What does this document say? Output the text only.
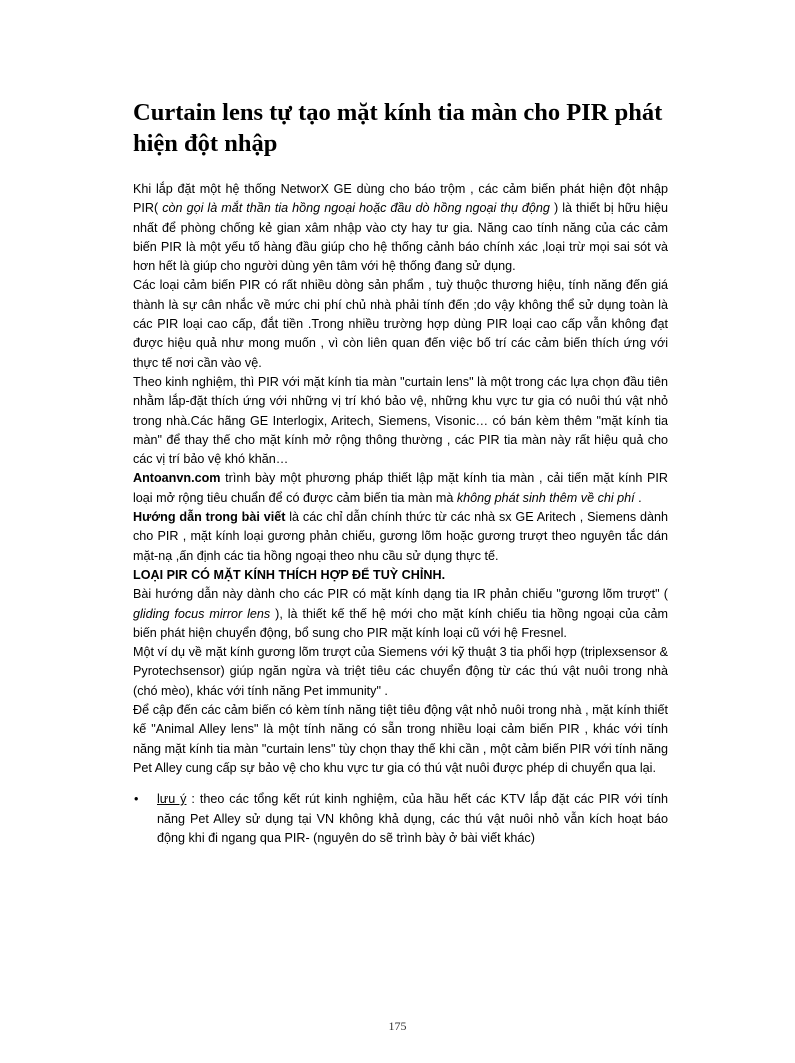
Curtain lens tự tạo mặt kính tia màn cho PIR phát hiện đột nhập

Khi lắp đặt một hệ thống NetworX GE dùng cho báo trộm , các cảm biến phát hiện đột nhập PIR( còn gọi là mắt thần tia hồng ngoại hoặc đầu dò hồng ngoại thụ động ) là thiết bị hữu hiệu nhất để phòng chống kẻ gian xâm nhập vào cty hay tư gia. Năng cao tính năng của các cảm biến PIR là một yếu tố hàng đầu giúp cho hệ thống cảnh báo chính xác ,loại trừ mọi sai sót và hơn hết là giúp cho người dùng yên tâm với hệ thống đang sử dụng.

Các loại cảm biến PIR có rất nhiều dòng sản phẩm , tuỳ thuộc thương hiệu, tính năng đến giá thành là sự cân nhắc về mức chi phí chủ nhà phải tính đến ;do vậy không thể sử dụng toàn là các PIR loại cao cấp, đắt tiền .Trong nhiều trường hợp dùng PIR loại cao cấp vẫn không đạt được hiệu quả như mong muốn , vì còn liên quan đến việc bố trí các cảm biến thích ứng với thực tế nơi cần vào vệ.

Theo kinh nghiệm, thì PIR với mặt kính tia màn "curtain lens" là một trong các lựa chọn đầu tiên nhằm lắp-đặt thích ứng với những vị trí khó bảo vệ, những khu vực tư gia có nuôi thú vật nhỏ trong nhà.Các hãng GE Interlogix, Aritech, Siemens, Visonic… có bán kèm thêm "mặt kính tia màn" để thay thế cho mặt kính mở rộng thông thường , các PIR tia màn này rất hiệu quả cho các vị trí bảo vệ khó khăn…

Antoanvn.com trình bày một phương pháp thiết lập mặt kính tia màn , cải tiến mặt kính PIR loại mở rộng tiêu chuẩn để có được cảm biến tia màn mà không phát sinh thêm về chi phí .

Hướng dẫn trong bài viết là các chỉ dẫn chính thức từ các nhà sx GE Aritech , Siemens dành cho PIR , mặt kính loại gương phản chiếu, gương lõm hoặc gương trượt theo nguyên tắc dán mặt-nạ ,ấn định các tia hồng ngoại theo nhu cầu sử dụng thực tế.

LOẠI PIR CÓ MẶT KÍNH THÍCH HỢP ĐỂ TUỲ CHỈNH.

Bài hướng dẫn này dành cho các PIR có mặt kính dạng tia IR phản chiếu "gương lõm trượt" ( gliding focus mirror lens ), là thiết kế thế hệ mới cho mặt kính chiếu tia hồng ngoại của cảm biến phát hiện chuyển động, bổ sung cho PIR mặt kính loại cũ với hệ Fresnel.

Một ví dụ về mặt kính gương lõm trượt của Siemens với kỹ thuật 3 tia phối hợp (triplexsensor & Pyrotechsensor) giúp ngăn ngừa và triệt tiêu các chuyển động từ các thú vật nuôi trong nhà (chó mèo), khác với tính năng Pet immunity" .

Để cập đến các cảm biến có kèm tính năng tiệt tiêu động vật nhỏ nuôi trong nhà , mặt kính thiết kế "Animal Alley lens" là một tính năng có sẵn trong nhiều loại cảm biến PIR , khác với tính năng mặt kính tia màn "curtain lens" tùy chọn thay thế khi cần , một cảm biến PIR với tính năng Pet Alley cung cấp sự bảo vệ cho khu vực tư gia có thú vật nuôi được phép di chuyển qua lại.

• lưu ý : theo các tổng kết rút kinh nghiệm, của hầu hết các KTV lắp đặt các PIR với tính năng Pet Alley sử dụng tại VN không khả dụng, các thú vật nuôi nhỏ vẫn kích hoạt báo động khi đi ngang qua PIR- (nguyên do sẽ trình bày ở bài viết khác)
175
